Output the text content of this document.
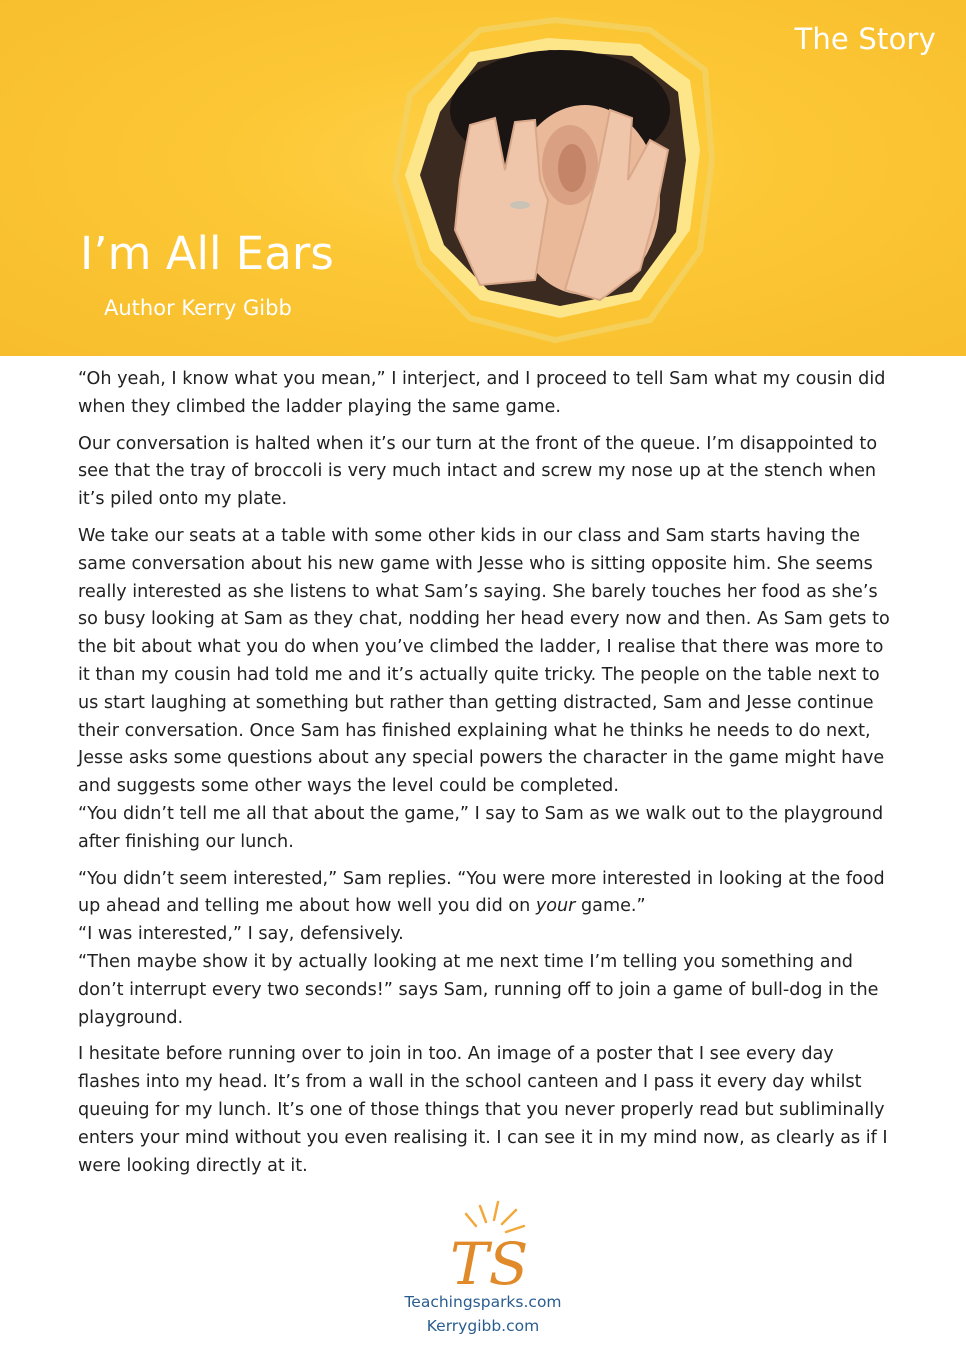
The Story
I’m All Ears
Author Kerry Gibb

“Oh yeah, I know what you mean,” I interject, and I proceed to tell Sam what my cousin did when they climbed the ladder playing the same game.

Our conversation is halted when it’s our turn at the front of the queue. I’m disappointed to see that the tray of broccoli is very much intact and screw my nose up at the stench when it’s piled onto my plate.

We take our seats at a table with some other kids in our class and Sam starts having the same conversation about his new game with Jesse who is sitting opposite him. She seems really interested as she listens to what Sam’s saying. She barely touches her food as she’s so busy looking at Sam as they chat, nodding her head every now and then. As Sam gets to the bit about what you do when you’ve climbed the ladder, I realise that there was more to it than my cousin had told me and it’s actually quite tricky. The people on the table next to us start laughing at something but rather than getting distracted, Sam and Jesse continue their conversation. Once Sam has finished explaining what he thinks he needs to do next, Jesse asks some questions about any special powers the character in the game might have and suggests some other ways the level could be completed.
“You didn’t tell me all that about the game,” I say to Sam as we walk out to the playground after finishing our lunch.

“You didn’t seem interested,” Sam replies. “You were more interested in looking at the food up ahead and telling me about how well you did on your game.”

“I was interested,” I say, defensively.

“Then maybe show it by actually looking at me next time I’m telling you something and don’t interrupt every two seconds!” says Sam, running off to join a game of bull-dog in the playground.

I hesitate before running over to join in too. An image of a poster that I see every day flashes into my head. It’s from a wall in the school canteen and I pass it every day whilst queuing for my lunch. It’s one of those things that you never properly read but subliminally enters your mind without you even realising it. I can see it in my mind now, as clearly as if I were looking directly at it.

TS
Teachingsparks.com
Kerrygibb.com
